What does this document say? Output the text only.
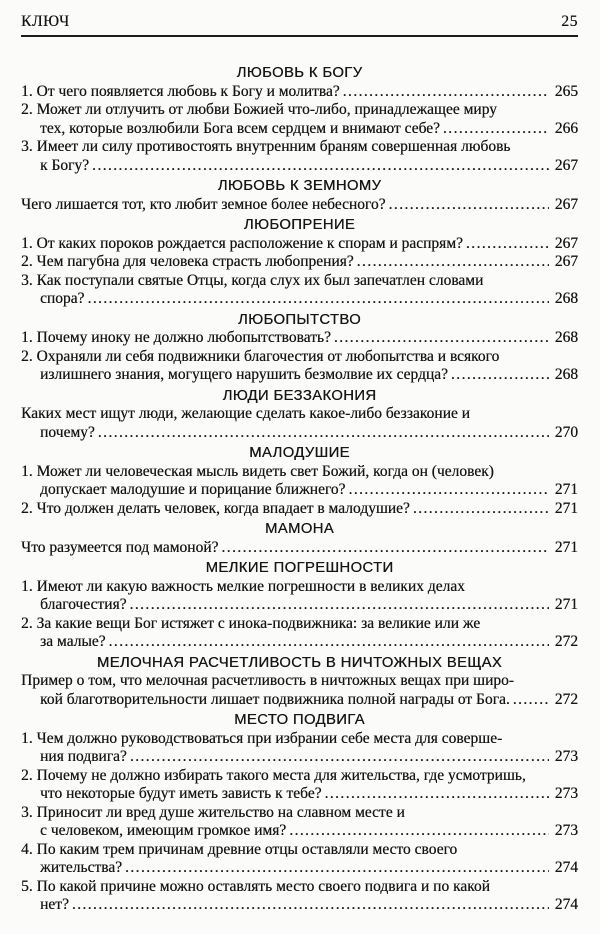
КЛЮЧ	25
ЛЮБОВЬ К БОГУ
1. От чего появляется любовь к Богу и молитва? .....	265
2. Может ли отлучить от любви Божией что-либо, принадлежащее миру
тех, которые возлюбили Бога всем сердцем и внимают себе? .....	266
3. Имеет ли силу противостоять внутренним браням совершенная любовь
к Богу? .....	267
ЛЮБОВЬ К ЗЕМНОМУ
Чего лишается тот, кто любит земное более небесного? .....	267
ЛЮБОПРЕНИЕ
1. От каких пороков рождается расположение к спорам и распрям? .....	267
2. Чем пагубна для человека страсть любопрения? .....	267
3. Как поступали святые Отцы, когда слух их был запечатлен словами
спора? .....	268
ЛЮБОПЫТСТВО
1. Почему иноку не должно любопытствовать? .....	268
2. Охраняли ли себя подвижники благочестия от любопытства и всякого
излишнего знания, могущего нарушить безмолвие их сердца? .....	268
ЛЮДИ БЕЗЗАКОНИЯ
Каких мест ищут люди, желающие сделать какое-либо беззаконие и
почему? .....	270
МАЛОДУШИЕ
1. Может ли человеческая мысль видеть свет Божий, когда он (человек)
допускает малодушие и порицание ближнего? .....	271
2. Что должен делать человек, когда впадает в малодушие? .....	271
МАМОНА
Что разумеется под мамоной? .....	271
МЕЛКИЕ ПОГРЕШНОСТИ
1. Имеют ли какую важность мелкие погрешности в великих делах
благочестия? .....	271
2. За какие вещи Бог истяжет с инока-подвижника: за великие или же
за малые? .....	272
МЕЛОЧНАЯ РАСЧЕТЛИВОСТЬ В НИЧТОЖНЫХ ВЕЩАХ
Пример о том, что мелочная расчетливость в ничтожных вещах при широ-
кой благотворительности лишает подвижника полной награды от Бога. .....	272
МЕСТО ПОДВИГА
1. Чем должно руководствоваться при избрании себе места для соверше-
ния подвига? .....	273
2. Почему не должно избирать такого места для жительства, где усмотришь,
что некоторые будут иметь зависть к тебе? .....	273
3. Приносит ли вред душе жительство на славном месте и
с человеком, имеющим громкое имя? .....	273
4. По каким трем причинам древние отцы оставляли место своего
жительства? .....	274
5. По какой причине можно оставлять место своего подвига и по какой
нет? .....	274
